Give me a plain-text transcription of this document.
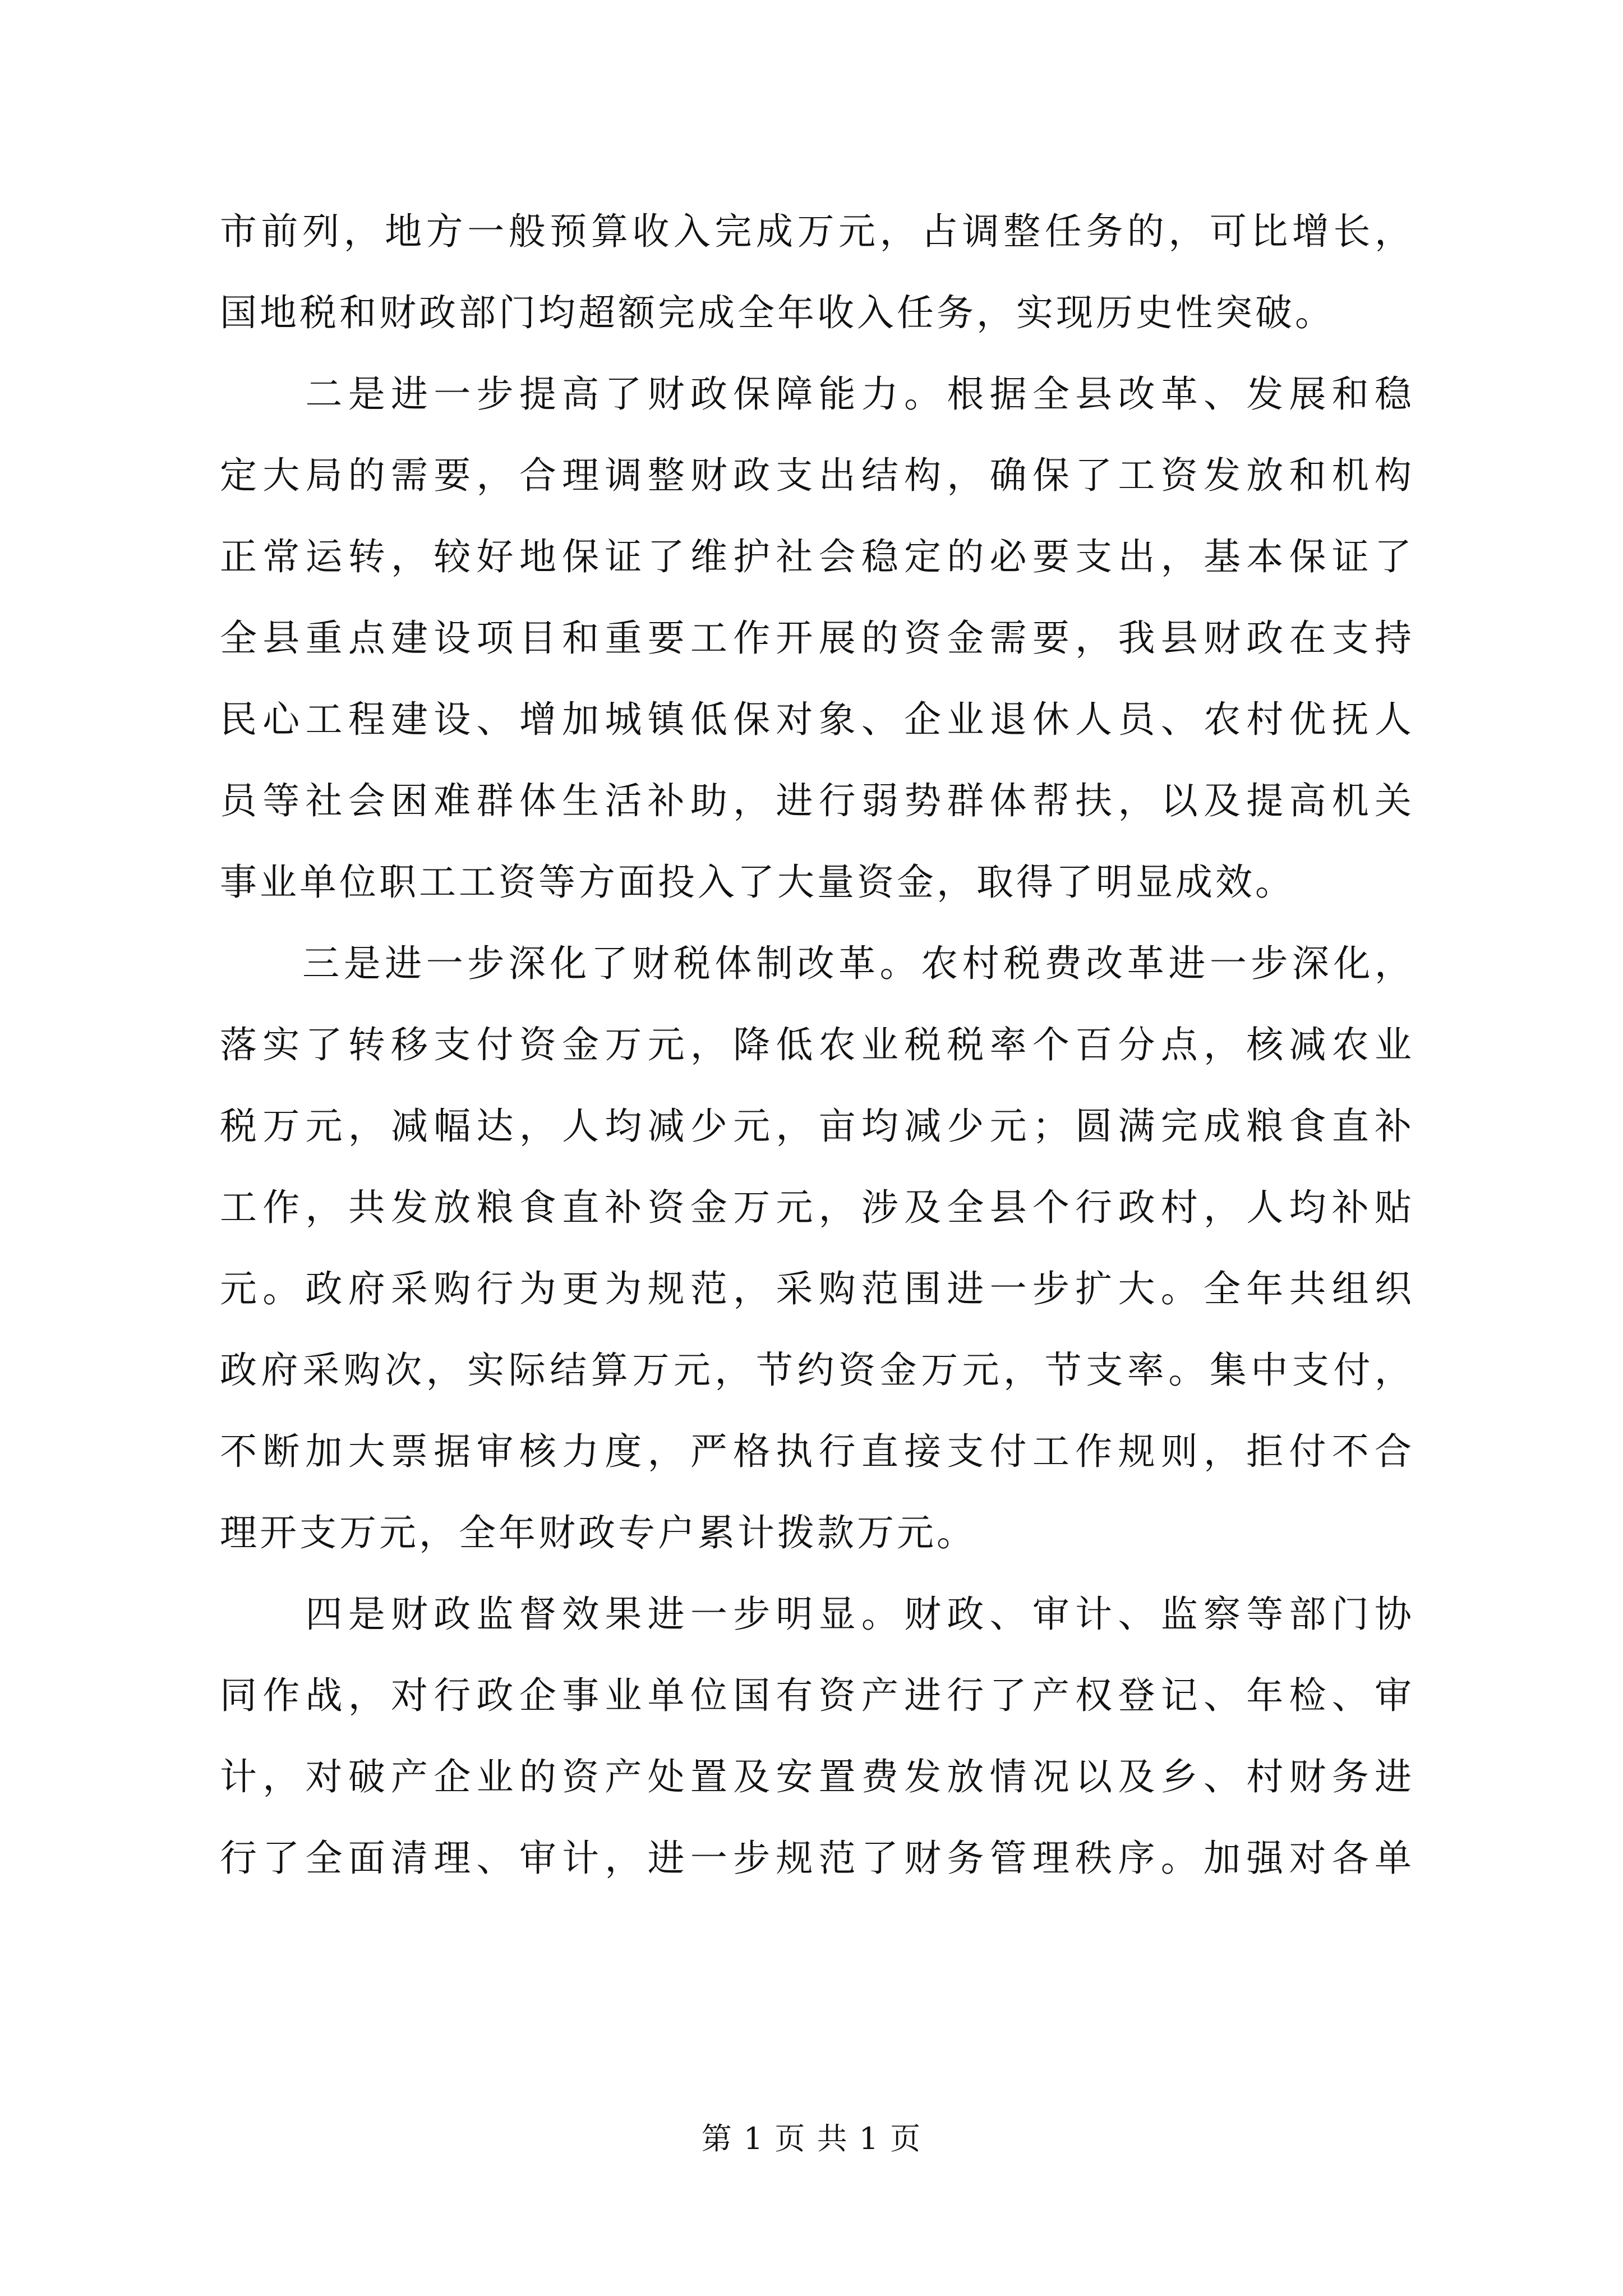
市前列，地方一般预算收入完成万元，占调整任务的，可比增长，
国地税和财政部门均超额完成全年收入任务，实现历史性突破。
　　二是进一步提高了财政保障能力。根据全县改革、发展和稳
定大局的需要，合理调整财政支出结构，确保了工资发放和机构
正常运转，较好地保证了维护社会稳定的必要支出，基本保证了
全县重点建设项目和重要工作开展的资金需要，我县财政在支持
民心工程建设、增加城镇低保对象、企业退休人员、农村优抚人
员等社会困难群体生活补助，进行弱势群体帮扶，以及提高机关
事业单位职工工资等方面投入了大量资金，取得了明显成效。
　　三是进一步深化了财税体制改革。农村税费改革进一步深化，
落实了转移支付资金万元，降低农业税税率个百分点，核减农业
税万元，减幅达，人均减少元，亩均减少元；圆满完成粮食直补
工作，共发放粮食直补资金万元，涉及全县个行政村，人均补贴
元。政府采购行为更为规范，采购范围进一步扩大。全年共组织
政府采购次，实际结算万元，节约资金万元，节支率。集中支付，
不断加大票据审核力度，严格执行直接支付工作规则，拒付不合
理开支万元，全年财政专户累计拨款万元。
　　四是财政监督效果进一步明显。财政、审计、监察等部门协
同作战，对行政企事业单位国有资产进行了产权登记、年检、审
计，对破产企业的资产处置及安置费发放情况以及乡、村财务进
行了全面清理、审计，进一步规范了财务管理秩序。加强对各单
第 1 页 共 1 页
